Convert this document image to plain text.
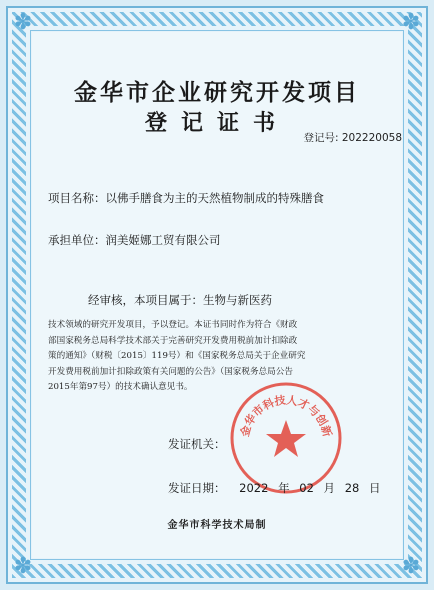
✽	✽
✽	✽
金华市企业研究开发项目
登记证书
登记号: 202220058
项目名称：以佛手膳食为主的天然植物制成的特殊膳食
承担单位：润美姬娜工贸有限公司
经审核，本项目属于：生物与新医药
技术领域的研究开发项目，予以登记。本证书同时作为符合《财政
部国家税务总局科学技术部关于完善研究开发费用税前加计扣除政
策的通知》（财税〔2015〕119号）和《国家税务总局关于企业研究
开发费用税前加计扣除政策有关问题的公告》（国家税务总局公告
2015年第97号）的技术确认意见书。
金华市科技人才与创新
发证机关：
发证日期： 2022 年 02 月 28 日
金华市科学技术局制
